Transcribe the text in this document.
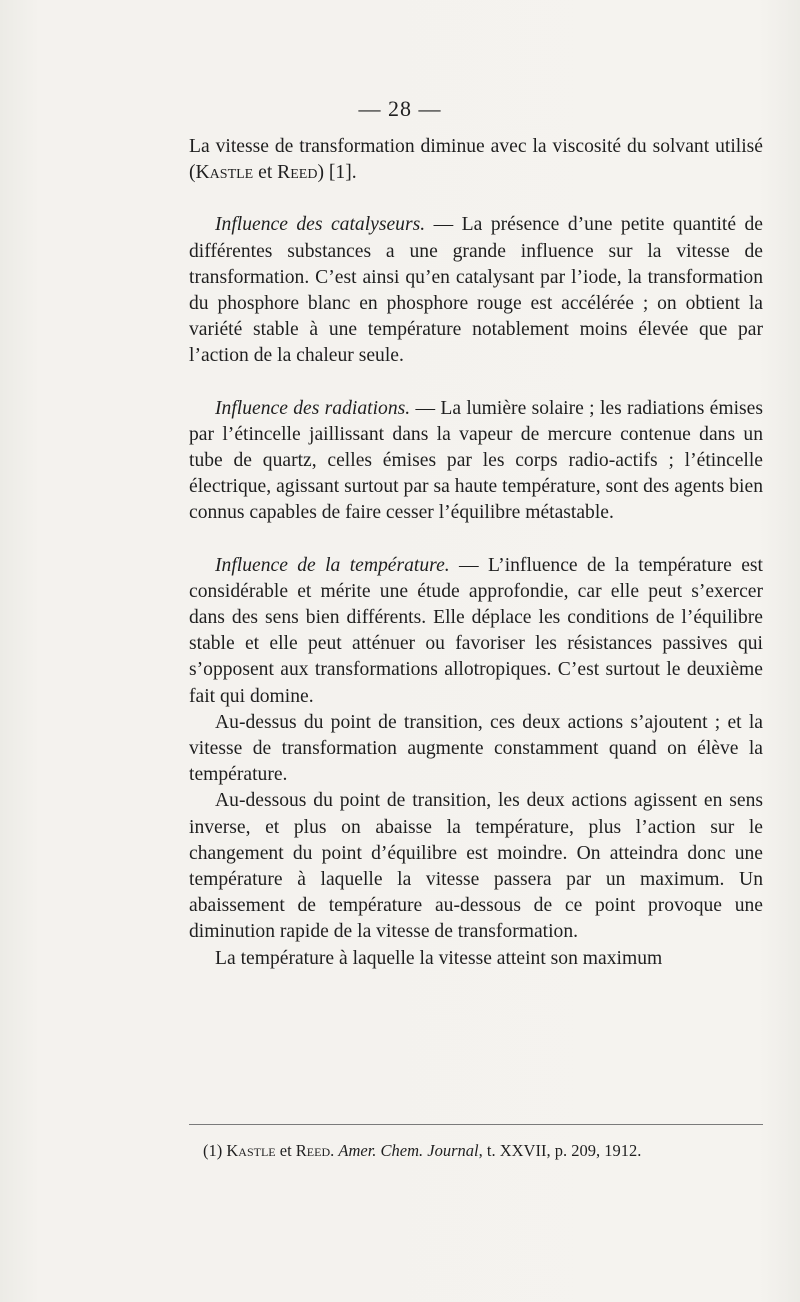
— 28 —

La vitesse de transformation diminue avec la viscosité du solvant utilisé (Kastle et Reed) [1].

Influence des catalyseurs. — La présence d’une petite quantité de différentes substances a une grande influence sur la vitesse de transformation. C’est ainsi qu’en catalysant par l’iode, la transformation du phosphore blanc en phosphore rouge est accélérée ; on obtient la variété stable à une température notablement moins élevée que par l’action de la chaleur seule.

Influence des radiations. — La lumière solaire ; les radiations émises par l’étincelle jaillissant dans la vapeur de mercure contenue dans un tube de quartz, celles émises par les corps radio-actifs ; l’étincelle électrique, agissant surtout par sa haute température, sont des agents bien connus capables de faire cesser l’équilibre métastable.

Influence de la température. — L’influence de la température est considérable et mérite une étude approfondie, car elle peut s’exercer dans des sens bien différents. Elle déplace les conditions de l’équilibre stable et elle peut atténuer ou favoriser les résistances passives qui s’opposent aux transformations allotropiques. C’est surtout le deuxième fait qui domine.

Au-dessus du point de transition, ces deux actions s’ajoutent ; et la vitesse de transformation augmente constamment quand on élève la température.

Au-dessous du point de transition, les deux actions agissent en sens inverse, et plus on abaisse la température, plus l’action sur le changement du point d’équilibre est moindre. On atteindra donc une température à laquelle la vitesse passera par un maximum. Un abaissement de température au-dessous de ce point provoque une diminution rapide de la vitesse de transformation.

La température à laquelle la vitesse atteint son maximum

(1) Kastle et Reed. Amer. Chem. Journal, t. XXVII, p. 209, 1912.
